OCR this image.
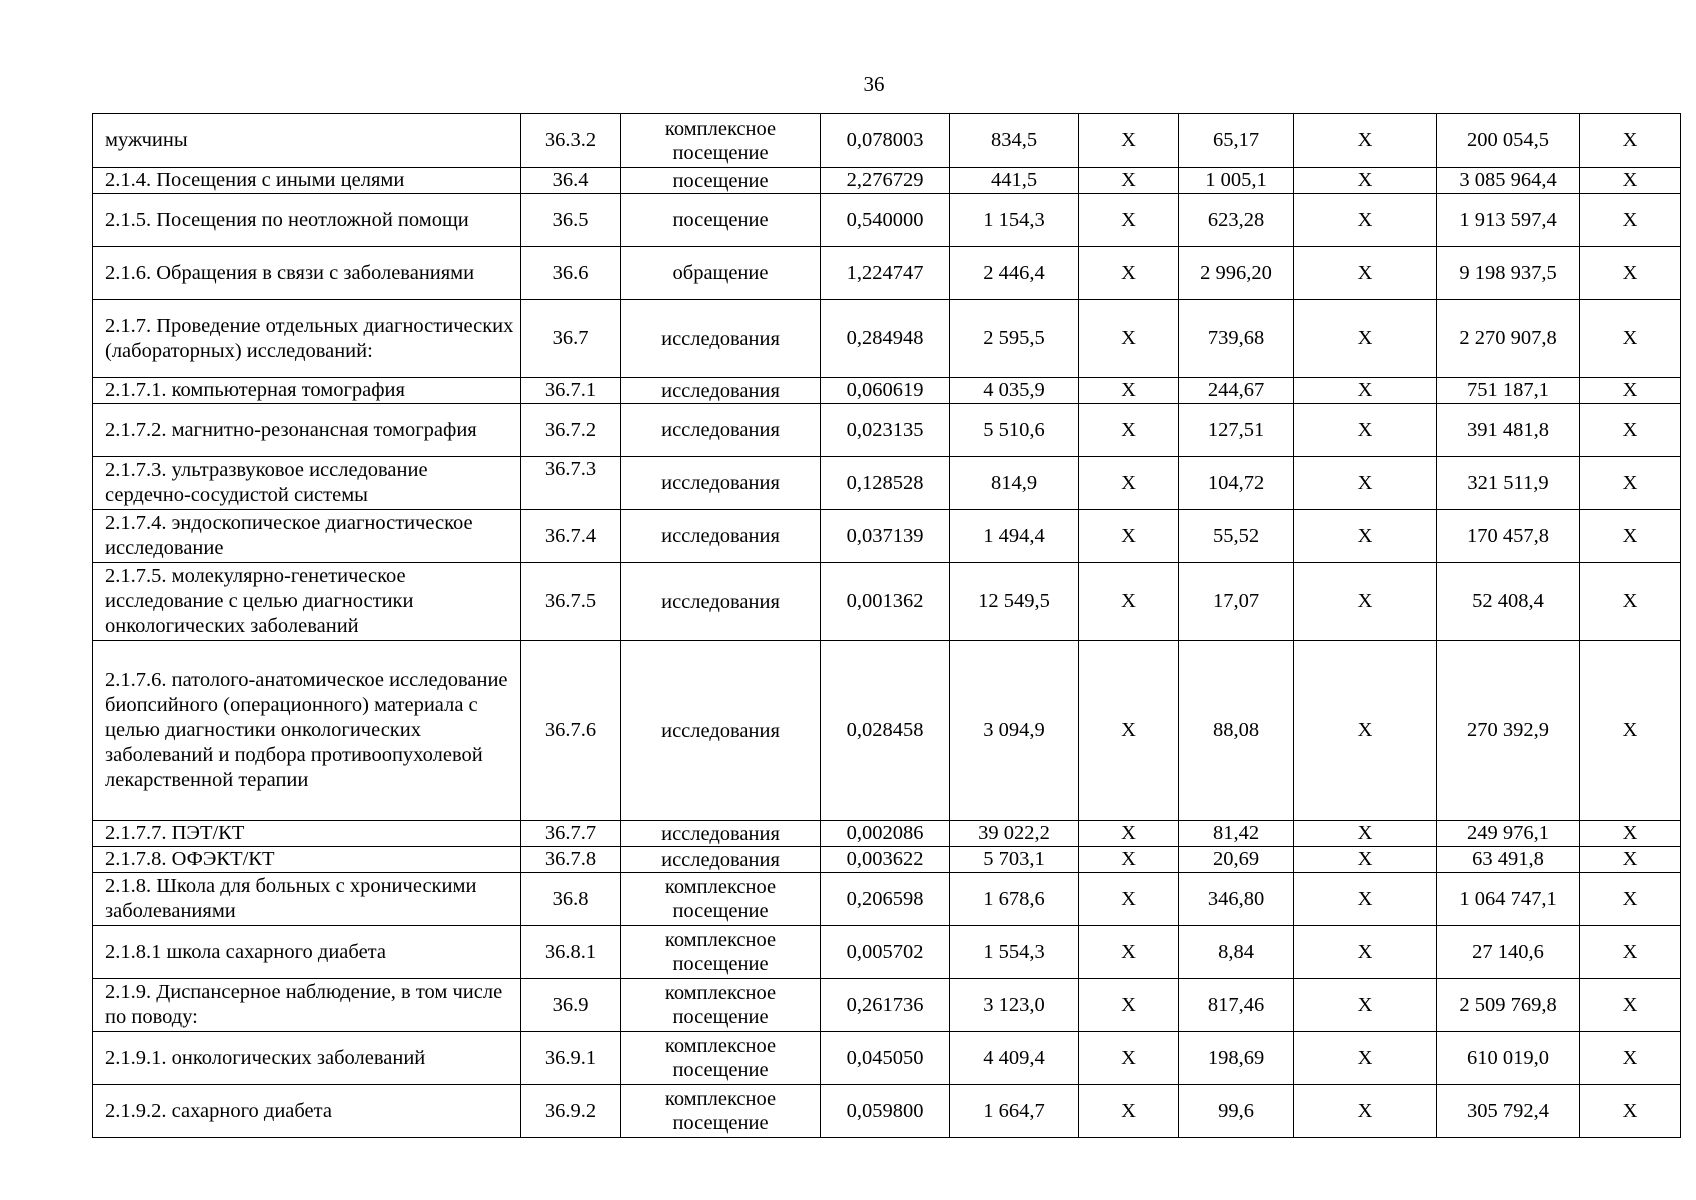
36
мужчины	36.3.2	комплексное посещение	0,078003	834,5	Х	65,17	Х	200 054,5	Х
2.1.4. Посещения с иными целями	36.4	посещение	2,276729	441,5	Х	1 005,1	Х	3 085 964,4	Х
2.1.5. Посещения по неотложной помощи	36.5	посещение	0,540000	1 154,3	Х	623,28	Х	1 913 597,4	Х
2.1.6. Обращения в связи с заболеваниями	36.6	обращение	1,224747	2 446,4	Х	2 996,20	Х	9 198 937,5	Х
2.1.7. Проведение отдельных диагностических (лабораторных) исследований:	36.7	исследования	0,284948	2 595,5	Х	739,68	Х	2 270 907,8	Х
2.1.7.1. компьютерная томография	36.7.1	исследования	0,060619	4 035,9	Х	244,67	Х	751 187,1	Х
2.1.7.2. магнитно-резонансная томография	36.7.2	исследования	0,023135	5 510,6	Х	127,51	Х	391 481,8	Х
2.1.7.3. ультразвуковое исследование сердечно-сосудистой системы	36.7.3	исследования	0,128528	814,9	Х	104,72	Х	321 511,9	Х
2.1.7.4. эндоскопическое диагностическое исследование	36.7.4	исследования	0,037139	1 494,4	Х	55,52	Х	170 457,8	Х
2.1.7.5. молекулярно-генетическое исследование с целью диагностики онкологических заболеваний	36.7.5	исследования	0,001362	12 549,5	Х	17,07	Х	52 408,4	Х
2.1.7.6. патолого-анатомическое исследование биопсийного (операционного) материала с целью диагностики онкологических заболеваний и подбора противоопухолевой лекарственной терапии	36.7.6	исследования	0,028458	3 094,9	Х	88,08	Х	270 392,9	Х
2.1.7.7. ПЭТ/КТ	36.7.7	исследования	0,002086	39 022,2	Х	81,42	Х	249 976,1	Х
2.1.7.8. ОФЭКТ/КТ	36.7.8	исследования	0,003622	5 703,1	Х	20,69	Х	63 491,8	Х
2.1.8. Школа для больных с хроническими заболеваниями	36.8	комплексное посещение	0,206598	1 678,6	Х	346,80	Х	1 064 747,1	Х
2.1.8.1 школа сахарного диабета	36.8.1	комплексное посещение	0,005702	1 554,3	Х	8,84	Х	27 140,6	Х
2.1.9. Диспансерное наблюдение, в том числе по поводу:	36.9	комплексное посещение	0,261736	3 123,0	Х	817,46	Х	2 509 769,8	Х
2.1.9.1. онкологических заболеваний	36.9.1	комплексное посещение	0,045050	4 409,4	Х	198,69	Х	610 019,0	Х
2.1.9.2. сахарного диабета	36.9.2	комплексное посещение	0,059800	1 664,7	Х	99,6	Х	305 792,4	Х
